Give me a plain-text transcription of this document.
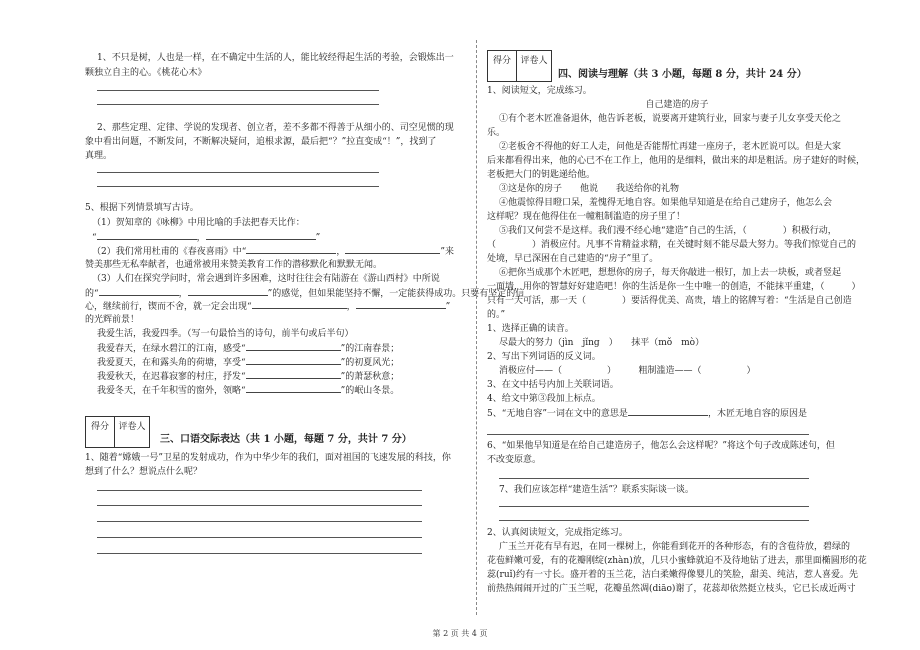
1、不只是树，人也是一样，在不确定中生活的人，能比较经得起生活的考验，会锻炼出一
颗独立自主的心。《桃花心木》
2、那些定理、定律、学说的发现者、创立者，差不多都不得善于从细小的、司空见惯的现
象中看出问题，不断发问，不断解决疑问，追根求源，最后把“？”拉直变成“！”，找到了
真理。
5、根据下列情景填写古诗。
（1）贺知章的《咏柳》中用比喻的手法把春天比作：
“	，	”
（2）我们常用杜甫的《春夜喜雨》中“	，	”来
赞美那些无私奉献者，也通常被用来赞美教育工作的潜移默化和默默无闻。
（3）人们在探究学问时，常会遇到许多困难，这时往往会有陆游在《游山西村》中所说
的“	，	”的感觉，但如果能坚持不懈，一定能获得成功。只要有坚定的信
心，继续前行，锲而不舍，就一定会出现“	，	”
的光辉前景！
我爱生活，我爱四季。（写一句最恰当的诗句，前半句或后半句）
我爱春天，在绿水碧江的江南，感受“	”的江南春景；
我爱夏天，在和露头角的荷塘，享受“	”的初夏风光；
我爱秋天，在迟暮寂寥的村庄，抒发“	”的萧瑟秋意；
我爱冬天，在千年积雪的窗外，领略“	”的岷山冬景。
得分	评卷人
三、口语交际表达（共 1 小题，每题 7 分，共计 7 分）
1、随着“嫦娥一号”卫星的发射成功，作为中华少年的我们，面对祖国的飞速发展的科技，你
想到了什么？想说点什么呢？
得分	评卷人
四、阅读与理解（共 3 小题，每题 8 分，共计 24 分）
1、阅读短文，完成练习。
自己建造的房子
①有个老木匠准备退休，他告诉老板，说要离开建筑行业，回家与妻子儿女享受天伦之
乐。
②老板舍不得他的好工人走，问他是否能帮忙再建一座房子，老木匠说可以。但是大家
后来都看得出来，他的心已不在工作上，他用的是细料，做出来的却是粗活。房子建好的时候，
老板把大门的钥匙递给他。
③这是你的房子　　他说　　我送给你的礼物
④他震惊得目瞪口呆，羞愧得无地自容。如果他早知道是在给自己建房子，他怎么会
这样呢？现在他得住在一幢粗制滥造的房子里了！
⑤我们又何尝不是这样。我们漫不经心地“建造”自己的生活，（　　　　）积极行动，
（　　　　）消极应付。凡事不肯精益求精，在关键时刻不能尽最大努力。等我们惊觉自己的
处境，早已深困在自己建造的“房子”里了。
⑥把你当成那个木匠吧，想想你的房子，每天你敲进一根钉，加上去一块板，或者竖起
一面墙，用你的智慧好好建造吧！你的生活是你一生中唯一的创造，不能抹平重建，（　　　）
只有一天可活，那一天（　　　　）要活得优美、高贵，墙上的铭牌写着：“生活是自己创造
的。”
1、选择正确的读音。
尽最大的努力（jìn　jǐng　）　　抹平（mǒ　mò）
2、写出下列词语的反义词。
消极应付——（　　　　　）　　　粗制滥造——（　　　　　）
3、在文中括号内加上关联词语。
4、给文中第③段加上标点。
5、“无地自容”一词在文中的意思是	，木匠无地自容的原因是
6、“如果他早知道是在给自己建造房子，他怎么会这样呢？”将这个句子改成陈述句，但
不改变原意。
7、我们应该怎样“建造生活”？联系实际谈一谈。
2、认真阅读短文，完成指定练习。
广玉兰开花有早有迟，在同一棵树上，你能看到花开的各种形态，有的含苞待放，碧绿的
花苞鲜嫩可爱，有的花瓣刚绽(zhàn)放，几只小蜜蜂就迫不及待地钻了进去，那里面椭圆形的花
蕊(ruǐ)约有一寸长。盛开着的玉兰花，洁白柔嫩得像婴儿的笑脸，甜美、纯洁，惹人喜爱。先
前热热闹闹开过的广玉兰呢，花瓣虽然凋(diāo)谢了，花蕊却依然挺立枝头，它已长成近两寸
第 2 页 共 4 页
